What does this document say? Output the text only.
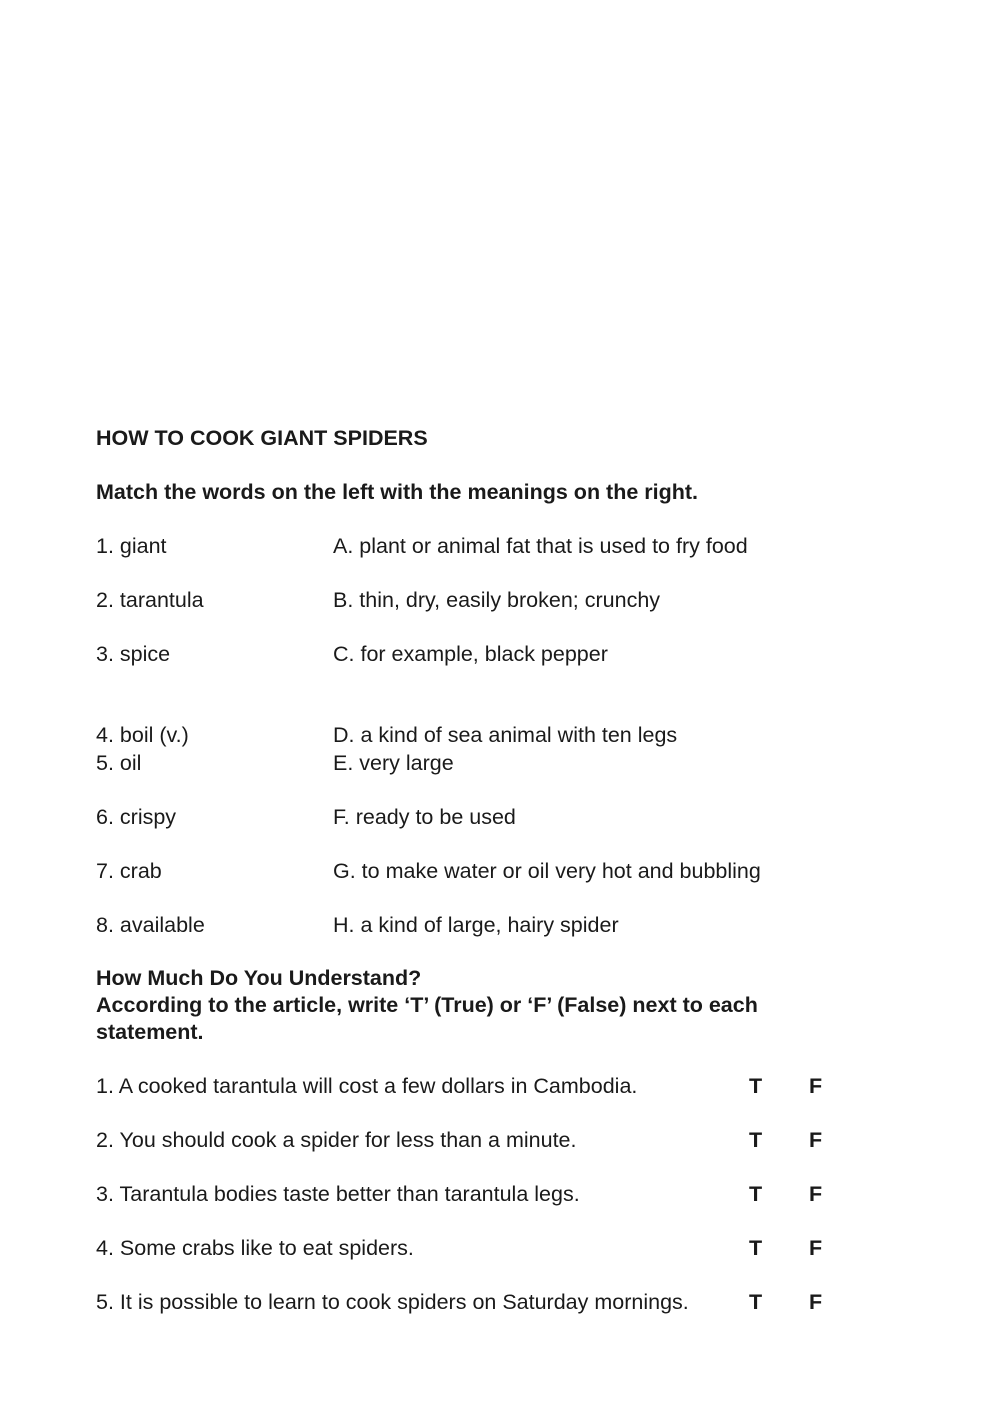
HOW TO COOK GIANT SPIDERS
Match the words on the left with the meanings on the right.
1. giant	A. plant or animal fat that is used to fry food
2. tarantula	B. thin, dry, easily broken; crunchy
3. spice	C. for example, black pepper
4. boil (v.)	D. a kind of sea animal with ten legs
5. oil	E. very large
6. crispy	F. ready to be used
7. crab	G. to make water or oil very hot and bubbling
8. available	H. a kind of large, hairy spider
How Much Do You Understand?
According to the article, write ‘T’ (True) or ‘F’ (False) next to each
statement.
1. A cooked tarantula will cost a few dollars in Cambodia.	T F
2. You should cook a spider for less than a minute.	T F
3. Tarantula bodies taste better than tarantula legs.	T F
4. Some crabs like to eat spiders.	T F
5. It is possible to learn to cook spiders on Saturday mornings.	T F
